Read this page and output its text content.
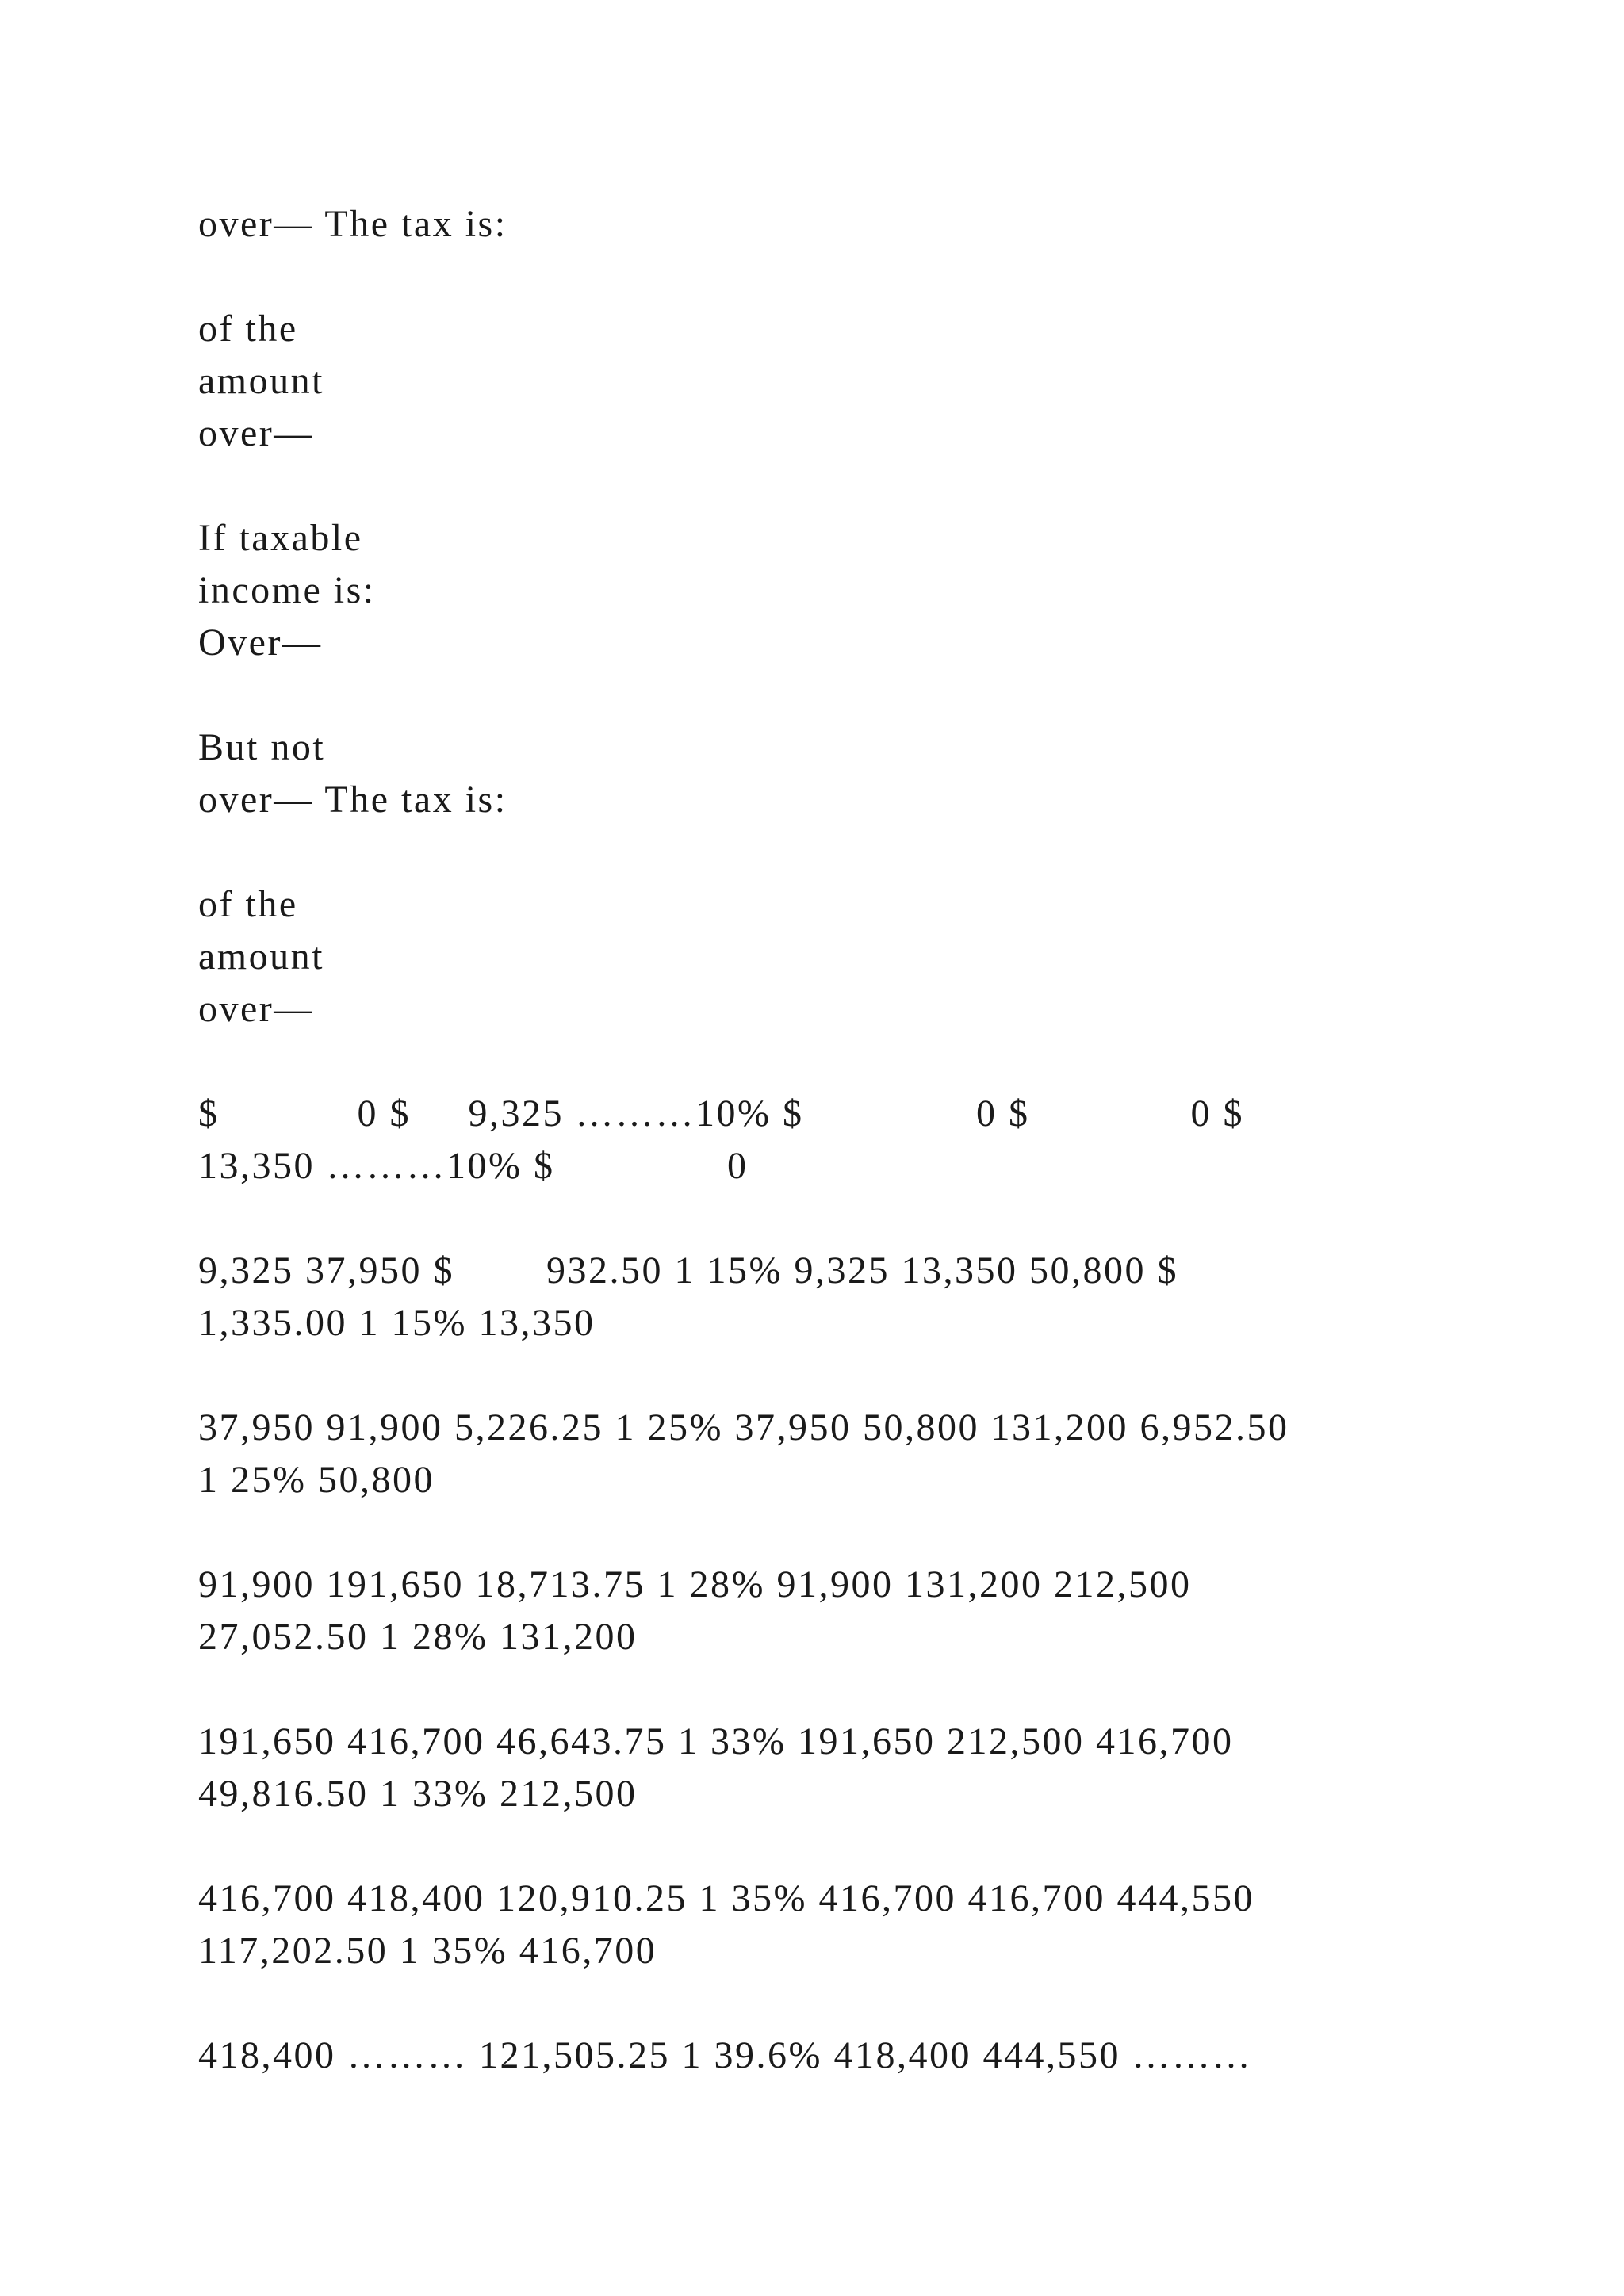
over— The tax is:

of the
amount
over—

If taxable
income is:
Over—

But not
over— The tax is:

of the
amount
over—

$            0 $     9,325 ………10% $               0 $              0 $
13,350 ………10% $               0

9,325 37,950 $        932.50 1 15% 9,325 13,350 50,800 $
1,335.00 1 15% 13,350

37,950 91,900 5,226.25 1 25% 37,950 50,800 131,200 6,952.50
1 25% 50,800

91,900 191,650 18,713.75 1 28% 91,900 131,200 212,500
27,052.50 1 28% 131,200

191,650 416,700 46,643.75 1 33% 191,650 212,500 416,700
49,816.50 1 33% 212,500

416,700 418,400 120,910.25 1 35% 416,700 416,700 444,550
117,202.50 1 35% 416,700

418,400 ……… 121,505.25 1 39.6% 418,400 444,550 ………
